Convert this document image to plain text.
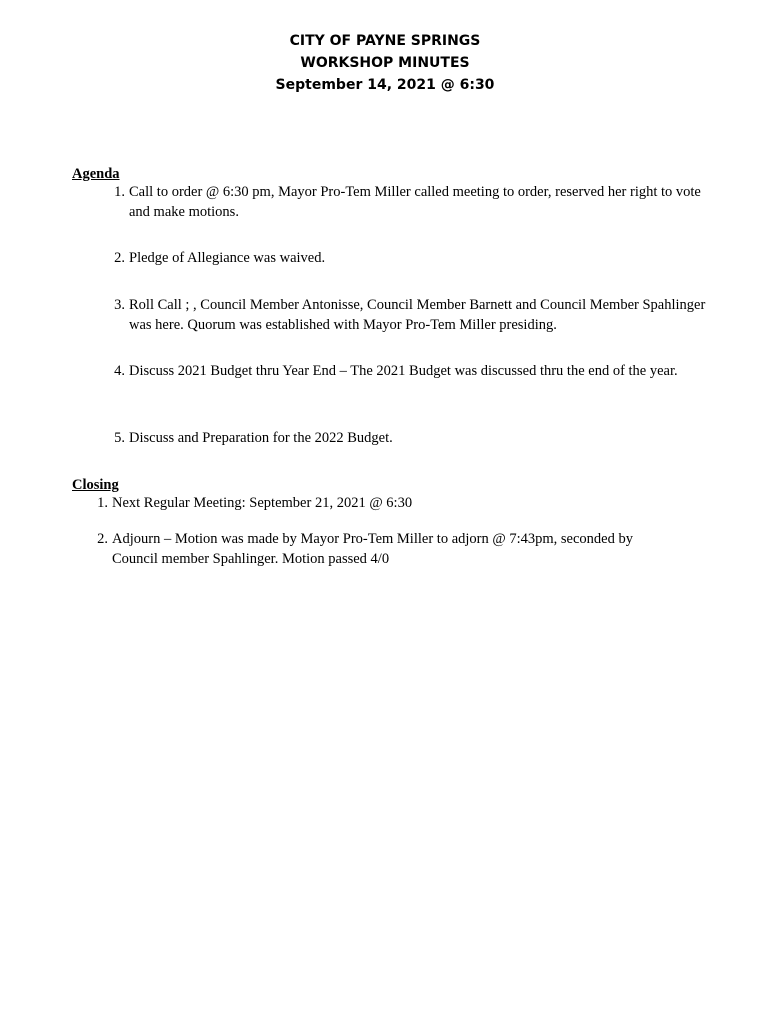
CITY OF PAYNE SPRINGS
WORKSHOP MINUTES
September 14, 2021 @ 6:30
Agenda
1. Call to order @ 6:30 pm, Mayor Pro-Tem Miller called meeting to order, reserved her right to vote and make motions.
2. Pledge of Allegiance was waived.
3. Roll Call ; , Council Member Antonisse, Council Member Barnett and Council Member Spahlinger was here. Quorum was established with Mayor Pro-Tem Miller presiding.
4. Discuss 2021 Budget thru Year End – The 2021 Budget was discussed thru the end of the year.
5. Discuss and Preparation for the 2022 Budget.
Closing
1. Next Regular Meeting: September 21, 2021 @ 6:30
2. Adjourn – Motion was made by Mayor Pro-Tem Miller to adjorn @ 7:43pm, seconded by Council member Spahlinger. Motion passed 4/0
